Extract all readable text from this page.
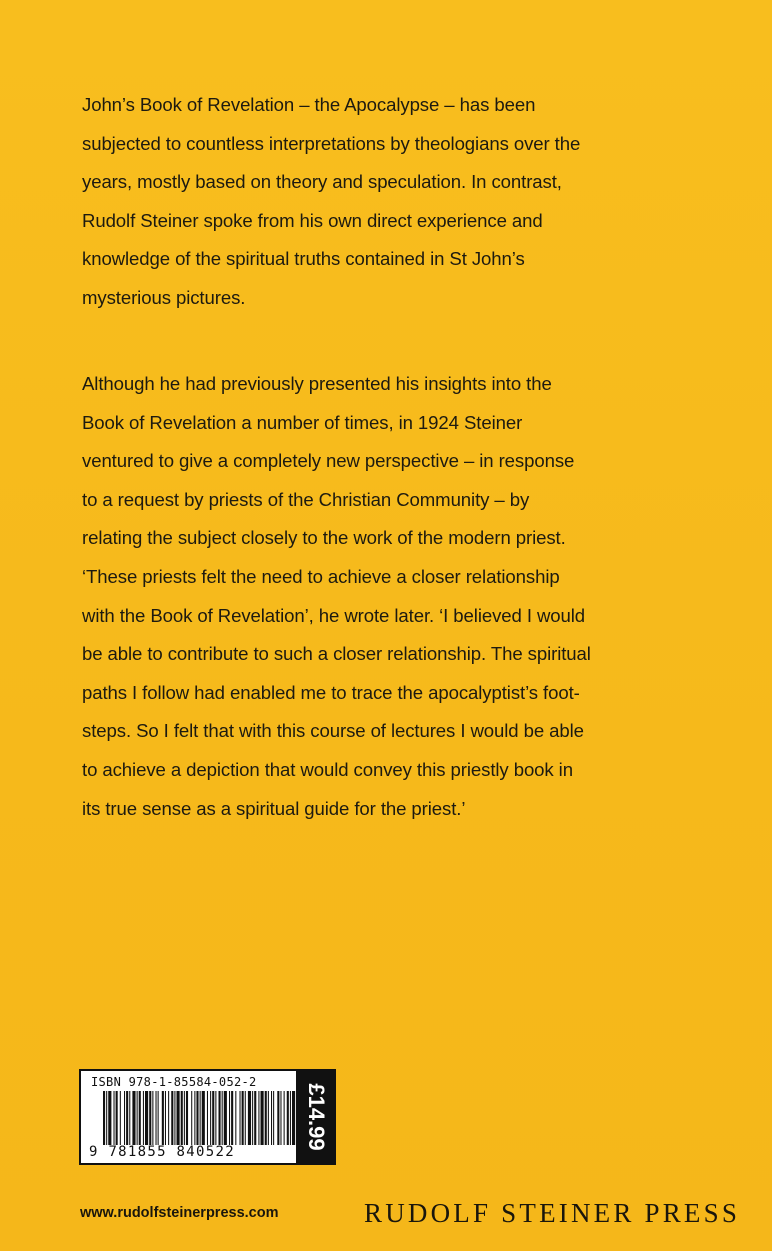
John’s Book of Revelation – the Apocalypse – has been
subjected to countless interpretations by theologians over the
years, mostly based on theory and speculation. In contrast,
Rudolf Steiner spoke from his own direct experience and
knowledge of the spiritual truths contained in St John’s
mysterious pictures.

Although he had previously presented his insights into the
Book of Revelation a number of times, in 1924 Steiner
ventured to give a completely new perspective – in response
to a request by priests of the Christian Community – by
relating the subject closely to the work of the modern priest.
‘These priests felt the need to achieve a closer relationship
with the Book of Revelation’, he wrote later. ‘I believed I would
be able to contribute to such a closer relationship. The spiritual
paths I follow had enabled me to trace the apocalyptist’s foot-
steps. So I felt that with this course of lectures I would be able
to achieve a depiction that would convey this priestly book in
its true sense as a spiritual guide for the priest.’

ISBN 978-1-85584-052-2
9 781855 840522
£14.99
www.rudolfsteinerpress.com	RUDOLF STEINER PRESS
